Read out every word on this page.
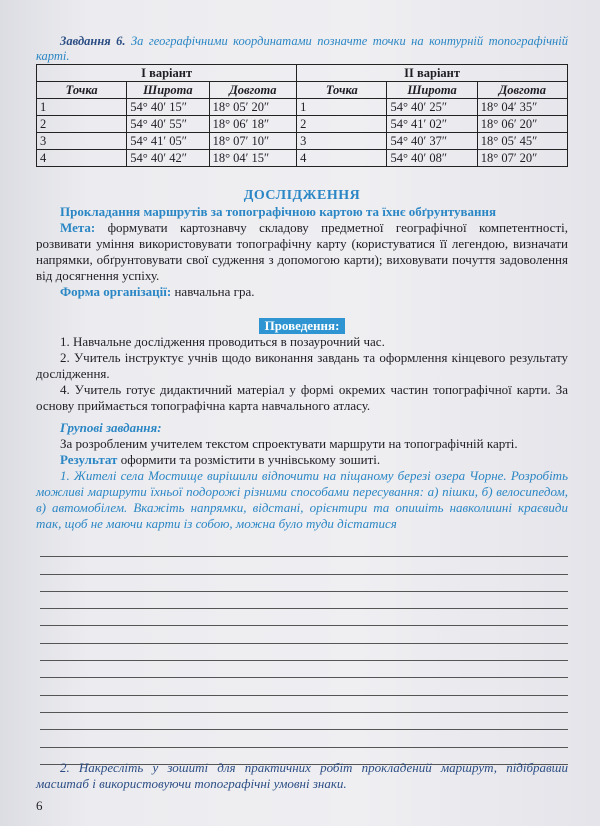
Завдання 6. За географічними координатами позначте точки на контурній топографічній карті.
I варіант			II варіант		
Точка	Широта	Довгота	Точка	Широта	Довгота
1	54° 40′ 15″	18° 05′ 20″	1	54° 40′ 25″	18° 04′ 35″
2	54° 40′ 55″	18° 06′ 18″	2	54° 41′ 02″	18° 06′ 20″
3	54° 41′ 05″	18° 07′ 10″	3	54° 40′ 37″	18° 05′ 45″
4	54° 40′ 42″	18° 04′ 15″	4	54° 40′ 08″	18° 07′ 20″
ДОСЛІДЖЕННЯ
Прокладання маршрутів за топографічною картою та їхнє обґрунтування
Мета: формувати картознавчу складову предметної географічної компетентності, розвивати уміння використовувати топографічну карту (користуватися її легендою, визначати напрямки, обґрунтовувати свої судження з допомогою карти); виховувати почуття задоволення від досягнення успіху.
Форма організації: навчальна гра.
Проведення:
1. Навчальне дослідження проводиться в позаурочний час.
2. Учитель інструктує учнів щодо виконання завдань та оформлення кінцевого результату дослідження.
4. Учитель готує дидактичний матеріал у формі окремих частин топографічної карти. За основу приймається топографічна карта навчального атласу.
Групові завдання:
За розробленим учителем текстом спроектувати маршрути на топографічній карті.
Результат оформити та розмістити в учнівському зошиті.
1. Жителі села Мостище вирішили відпочити на піщаному березі озера Чорне. Розробіть можливі маршрути їхньої подорожі різними способами пересування: а) пішки, б) велосипедом, в) автомобілем. Вкажіть напрямки, відстані, орієнтири та опишіть навколишні краєвиди так, щоб не маючи карти із собою, можна було туди дістатися
2. Накресліть у зошиті для практичних робіт прокладений маршрут, підібравши масштаб і використовуючи топографічні умовні знаки.
6
